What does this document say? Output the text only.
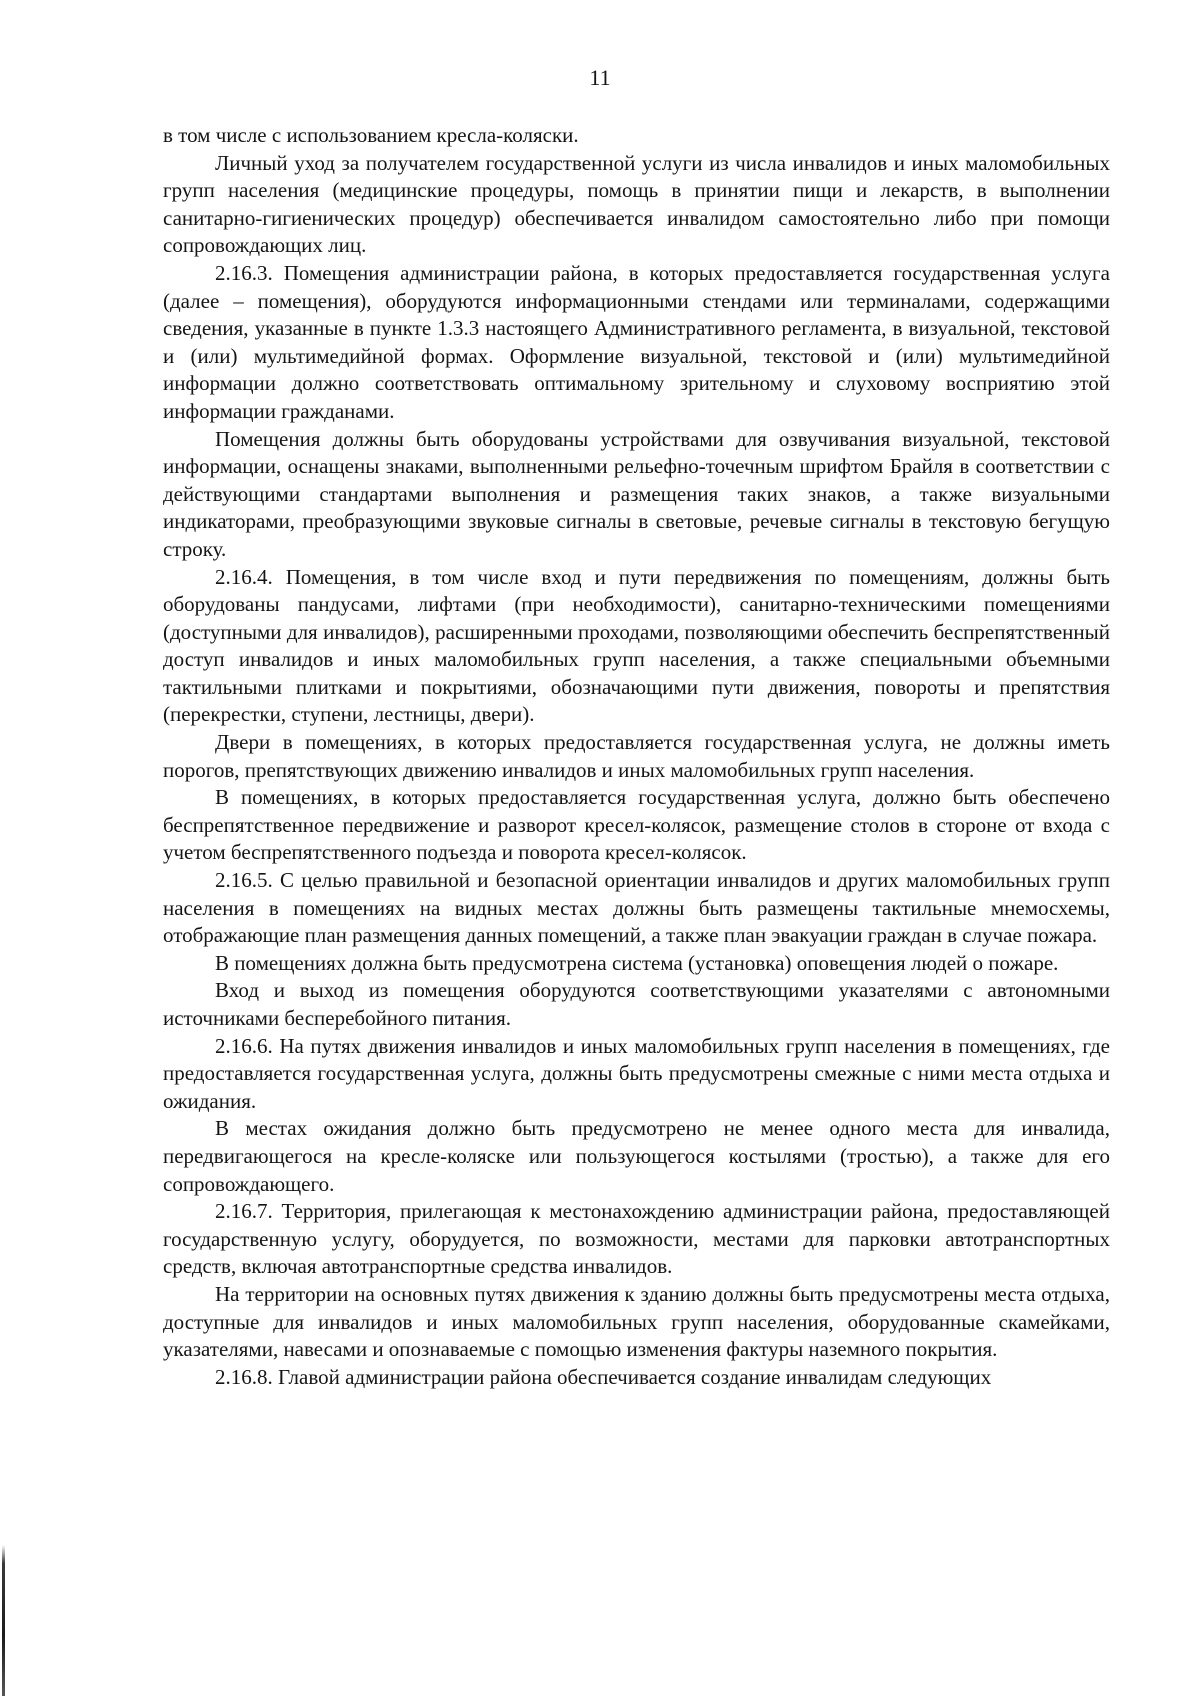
11

в том числе с использованием кресла-коляски.

Личный уход за получателем государственной услуги из числа инвалидов и иных маломобильных групп населения (медицинские процедуры, помощь в принятии пищи и лекарств, в выполнении санитарно-гигиенических процедур) обеспечивается инвалидом самостоятельно либо при помощи сопровождающих лиц.

2.16.3. Помещения администрации района, в которых предоставляется государственная услуга (далее – помещения), оборудуются информационными стендами или терминалами, содержащими сведения, указанные в пункте 1.3.3 настоящего Административного регламента, в визуальной, текстовой и (или) мультимедийной формах. Оформление визуальной, текстовой и (или) мультимедийной информации должно соответствовать оптимальному зрительному и слуховому восприятию этой информации гражданами.

Помещения должны быть оборудованы устройствами для озвучивания визуальной, текстовой информации, оснащены знаками, выполненными рельефно-точечным шрифтом Брайля в соответствии с действующими стандартами выполнения и размещения таких знаков, а также визуальными индикаторами, преобразующими звуковые сигналы в световые, речевые сигналы в текстовую бегущую строку.

2.16.4. Помещения, в том числе вход и пути передвижения по помещениям, должны быть оборудованы пандусами, лифтами (при необходимости), санитарно-техническими помещениями (доступными для инвалидов), расширенными проходами, позволяющими обеспечить беспрепятственный доступ инвалидов и иных маломобильных групп населения, а также специальными объемными тактильными плитками и покрытиями, обозначающими пути движения, повороты и препятствия (перекрестки, ступени, лестницы, двери).

Двери в помещениях, в которых предоставляется государственная услуга, не должны иметь порогов, препятствующих движению инвалидов и иных маломобильных групп населения.

В помещениях, в которых предоставляется государственная услуга, должно быть обеспечено беспрепятственное передвижение и разворот кресел-колясок, размещение столов в стороне от входа с учетом беспрепятственного подъезда и поворота кресел-колясок.

2.16.5. С целью правильной и безопасной ориентации инвалидов и других маломобильных групп населения в помещениях на видных местах должны быть размещены тактильные мнемосхемы, отображающие план размещения данных помещений, а также план эвакуации граждан в случае пожара.

В помещениях должна быть предусмотрена система (установка) оповещения людей о пожаре.

Вход и выход из помещения оборудуются соответствующими указателями с автономными источниками бесперебойного питания.

2.16.6. На путях движения инвалидов и иных маломобильных групп населения в помещениях, где предоставляется государственная услуга, должны быть предусмотрены смежные с ними места отдыха и ожидания.

В местах ожидания должно быть предусмотрено не менее одного места для инвалида, передвигающегося на кресле-коляске или пользующегося костылями (тростью), а также для его сопровождающего.

2.16.7. Территория, прилегающая к местонахождению администрации района, предоставляющей государственную услугу, оборудуется, по возможности, местами для парковки автотранспортных средств, включая автотранспортные средства инвалидов.

На территории на основных путях движения к зданию должны быть предусмотрены места отдыха, доступные для инвалидов и иных маломобильных групп населения, оборудованные скамейками, указателями, навесами и опознаваемые с помощью изменения фактуры наземного покрытия.

2.16.8. Главой администрации района обеспечивается создание инвалидам следующих
